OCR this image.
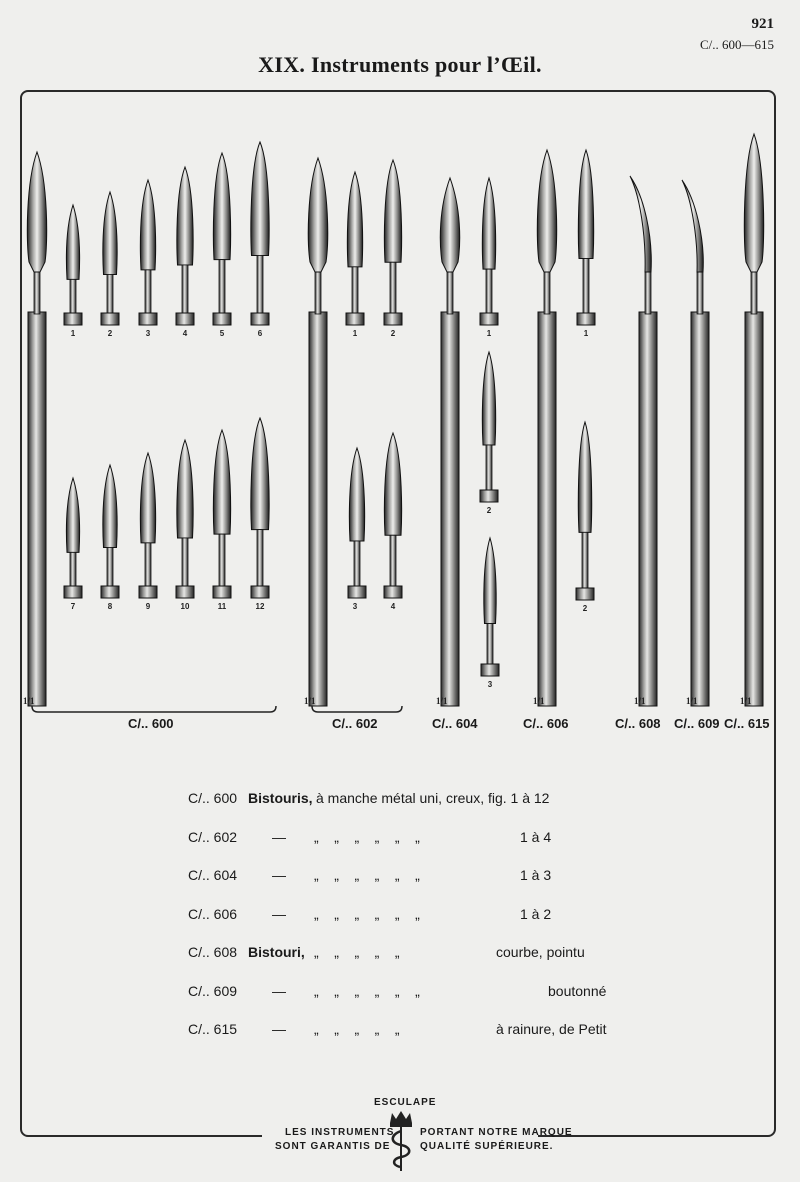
921
C/.. 600—615
XIX. Instruments pour l’Œil.
1/1
1	2	3	4	5	6
7	8	9	10	11	12
1/1
1	2
3	4
1/1
1
2
3
1/1
1
2
1/1	1/1	1/1
C/.. 600	C/.. 602	C/.. 604	C/.. 606	C/.. 608 C/.. 609 C/.. 615
C/.. 600 Bistouris, à manche métal uni, creux, fig. 1 à 12
C/.. 602 — „    „    „    „    „    „	1 à 4
C/.. 604 — „    „    „    „    „    „	1 à 3
C/.. 606 — „    „    „    „    „    „	1 à 2
C/.. 608 Bistouri, „    „    „    „    „	courbe, pointu
C/.. 609 — „    „    „    „    „    „	boutonné
C/.. 615 — „    „    „    „    „	à rainure, de Petit
ESCULAPE
LES INSTRUMENTS
SONT GARANTIS DE
PORTANT NOTRE MARQUE
QUALITÉ SUPÉRIEURE.
